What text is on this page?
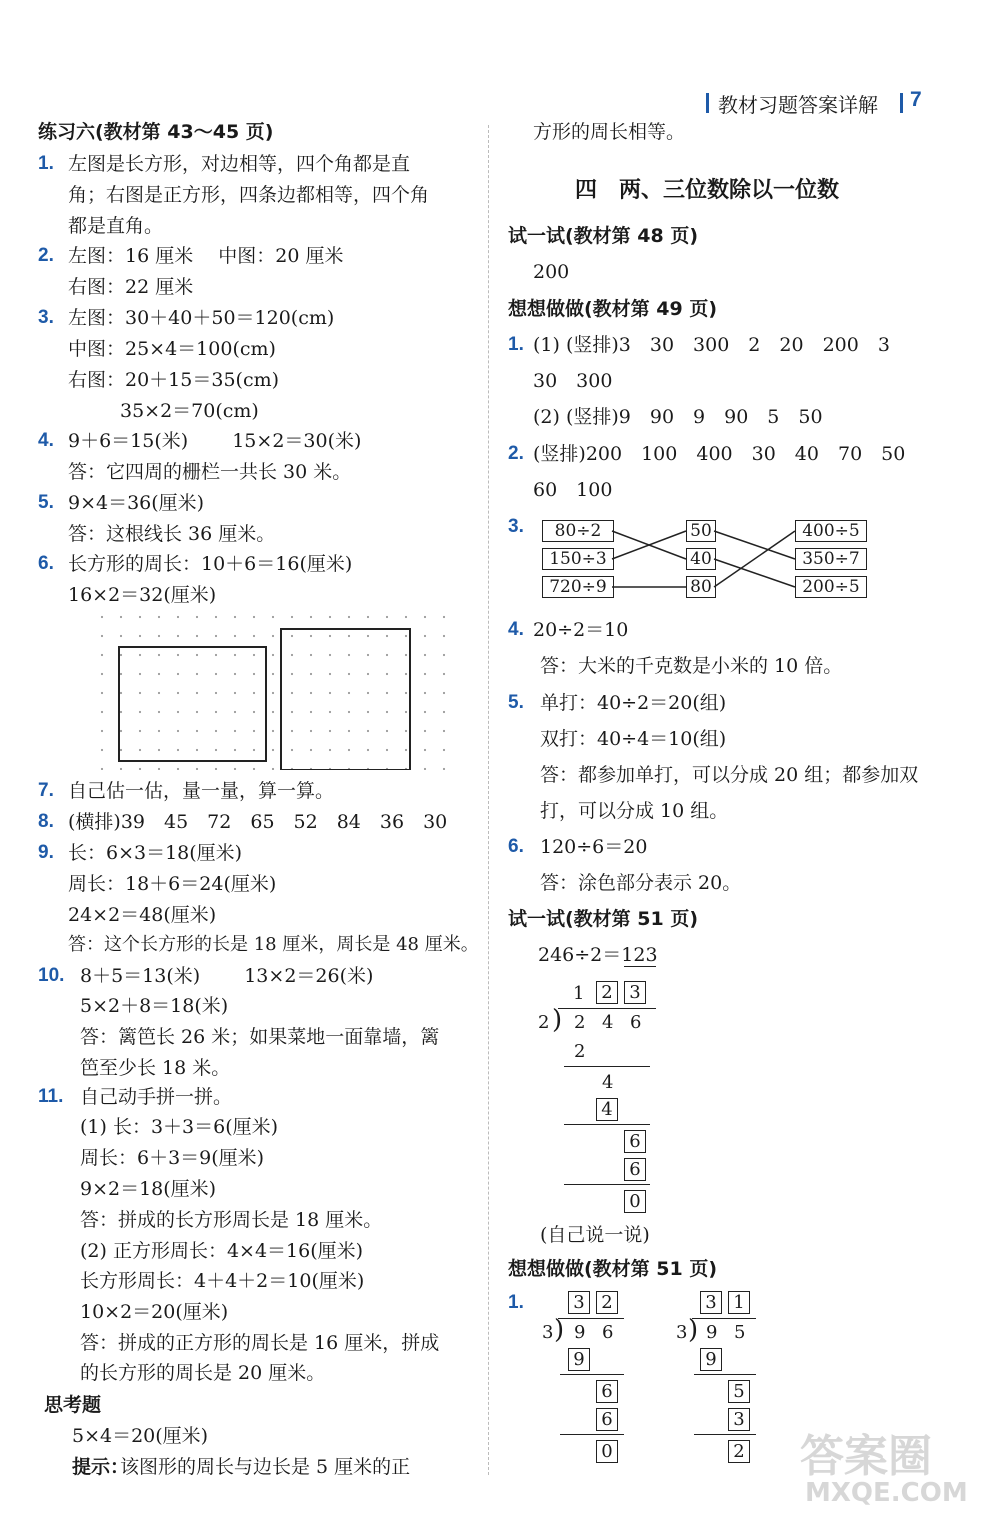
教材习题答案详解 7
练习六(教材第 43～45 页)
1. 左图是长方形，对边相等，四个角都是直
角；右图是正方形，四条边都相等，四个角
都是直角。
2. 左图：16 厘米　 中图：20 厘米
右图：22 厘米
3. 左图：30＋40＋50＝120(cm)
中图：25×4＝100(cm)
右图：20＋15＝35(cm)
35×2＝70(cm)
4. 9＋6＝15(米)　　 15×2＝30(米)
答：它四周的栅栏一共长 30 米。
5. 9×4＝36(厘米)
答：这根线长 36 厘米。
6. 长方形的周长：10＋6＝16(厘米)
16×2＝32(厘米)
7. 自己估一估，量一量，算一算。
8. (横排)39　45　72　65　52　84　36　30
9. 长：6×3＝18(厘米)
周长：18＋6＝24(厘米)
24×2＝48(厘米)
答：这个长方形的长是 18 厘米，周长是 48 厘米。
10. 8＋5＝13(米)　　 13×2＝26(米)
5×2＋8＝18(米)
答：篱笆长 26 米；如果菜地一面靠墙，篱
笆至少长 18 米。
11. 自己动手拼一拼。
(1) 长：3＋3＝6(厘米)
周长：6＋3＝9(厘米)
9×2＝18(厘米)
答：拼成的长方形周长是 18 厘米。
(2) 正方形周长：4×4＝16(厘米)
长方形周长：4＋4＋2＝10(厘米)
10×2＝20(厘米)
答：拼成的正方形的周长是 16 厘米，拼成
的长方形的周长是 20 厘米。
思考题
5×4＝20(厘米)
提示：
该图形的周长与边长是 5 厘米的正
方形的周长相等。
四　两、三位数除以一位数
试一试(教材第 48 页)
200
想想做做(教材第 49 页)
1. (1) (竖排)3　30　300　2　20　200　3
30　300
(2) (竖排)9　90　9　90　5　50
2. (竖排)200　100　400　30　40　70　50
60　100
3.	80÷2
150÷3
720÷9
50
40
80
400÷5
350÷7
200÷5
4. 20÷2＝10
答：大米的千克数是小米的 10 倍。
5. 单打：40÷2＝20(组)
双打：40÷4＝10(组)
答：都参加单打，可以分成 20 组；都参加双
打，可以分成 10 组。
6. 120÷6＝20
答：涂色部分表示 20。
试一试(教材第 51 页)
246÷2＝123
1 2 3
2 ) 2 4 6
2
4
4
6
6
0
(自己说一说)
想想做做(教材第 51 页)
1.	3 2
3 ) 9 6
9
6
6
0
3 1
3 ) 9 5
9
5
3
2 答案圈
MXQE.COM
